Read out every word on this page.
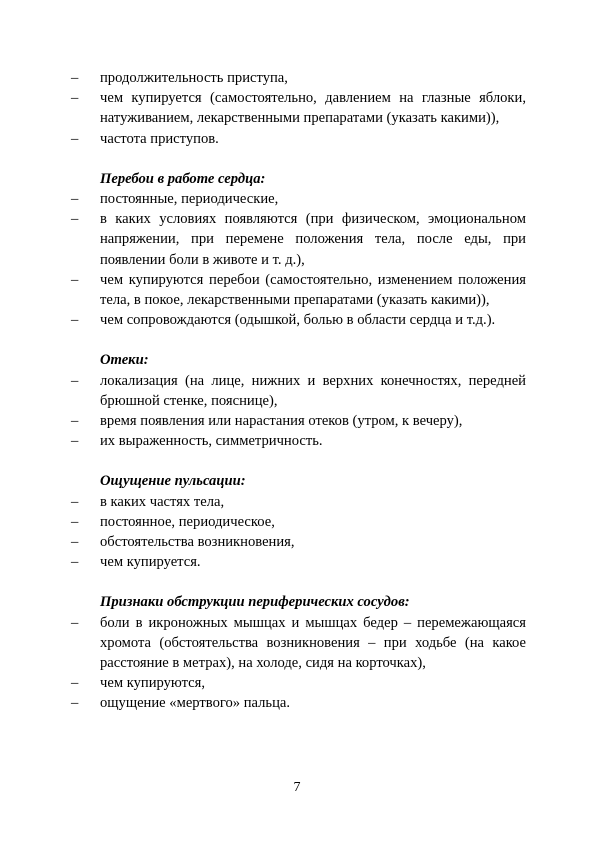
– продолжительность приступа,
– чем купируется (самостоятельно, давлением на глазные яблоки, натуживанием, лекарственными препаратами (указать какими)),
– частота приступов.
Перебои в работе сердца:
– постоянные, периодические,
– в каких условиях появляются (при физическом, эмоциональном напряжении, при перемене положения тела, после еды, при появлении боли в животе и т. д.),
– чем купируются перебои (самостоятельно, изменением положения тела, в покое, лекарственными препаратами (указать какими)),
– чем сопровождаются (одышкой, болью в области сердца и т.д.).
Отеки:
– локализация (на лице, нижних и верхних конечностях, передней брюшной стенке, пояснице),
– время появления или нарастания отеков (утром, к вечеру),
– их выраженность, симметричность.
Ощущение пульсации:
– в каких частях тела,
– постоянное, периодическое,
– обстоятельства возникновения,
– чем купируется.
Признаки обструкции периферических сосудов:
– боли в икроножных мышцах и мышцах бедер – перемежающаяся хромота (обстоятельства возникновения – при ходьбе (на какое расстояние в метрах), на холоде, сидя на корточках),
– чем купируются,
– ощущение «мертвого» пальца.
7
